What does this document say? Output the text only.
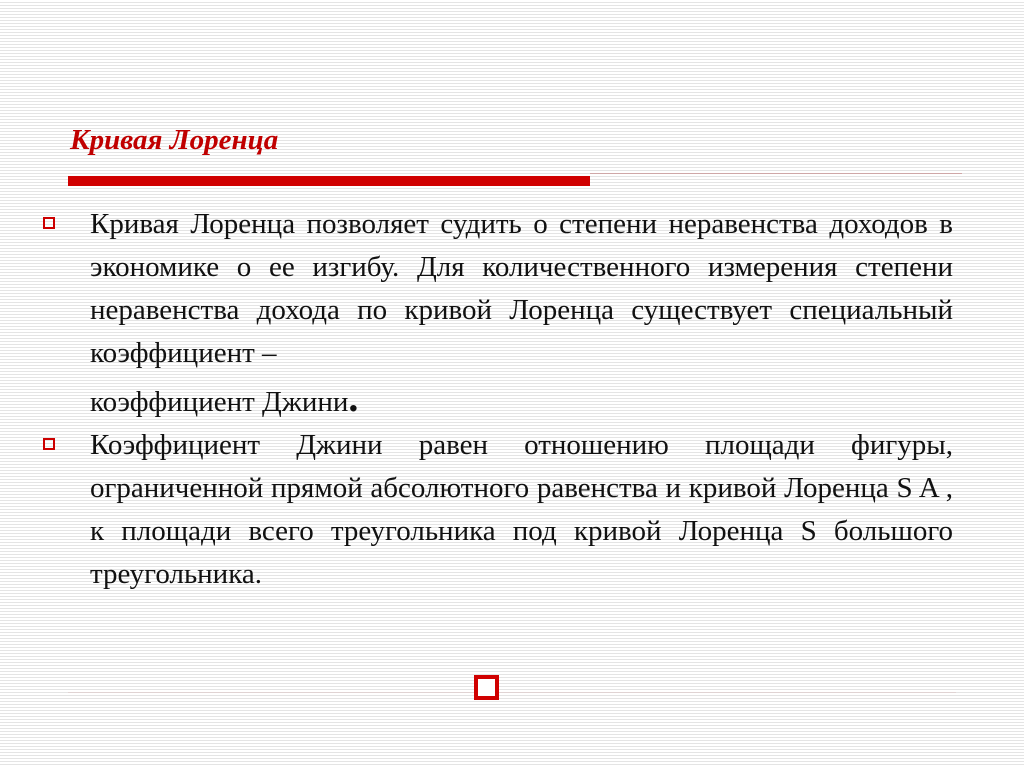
Кривая Лоренца
Кривая Лоренца позволяет судить о степени неравенства доходов в экономике о ее изгибу. Для количественного измерения степени неравенства дохода по кривой Лоренца существует специальный коэффициент –
коэффициент Джини.
Коэффициент Джини равен отношению площади фигуры, ограниченной прямой абсолютного равенства и кривой Лоренца S A , к площади всего треугольника под кривой Лоренца S большого треугольника.
